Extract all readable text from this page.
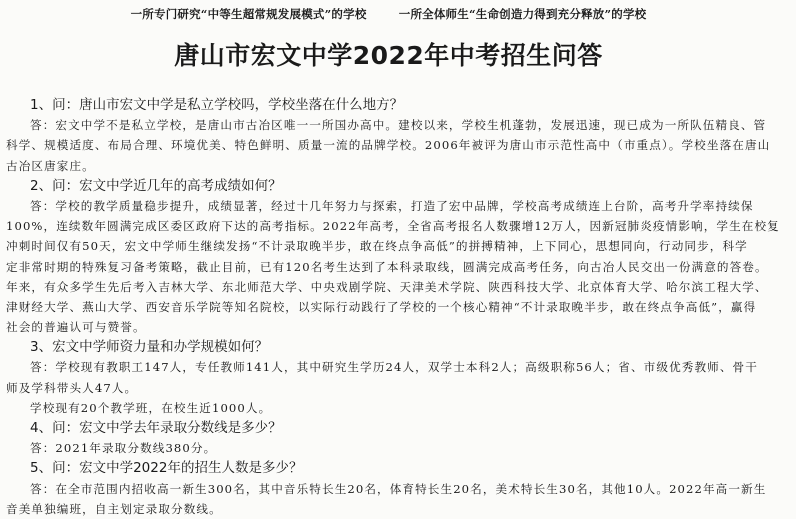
一所专门研究“中等生超常规发展模式”的学校	一所全体师生“生命创造力得到充分释放”的学校
唐山市宏文中学2022年中考招生问答
1、问：唐山市宏文中学是私立学校吗，学校坐落在什么地方？
答：宏文中学不是私立学校，是唐山市古冶区唯一一所国办高中。建校以来，学校生机蓬勃，发展迅速，现已成为一所队伍精良、管
科学、规模适度、布局合理、环境优美、特色鲜明、质量一流的品牌学校。2006年被评为唐山市示范性高中（市重点）。学校坐落在唐山
古冶区唐家庄。
2、问：宏文中学近几年的高考成绩如何？
答：学校的教学质量稳步提升，成绩显著，经过十几年努力与探索，打造了宏中品牌，学校高考成绩连上台阶，高考升学率持续保
100%，连续数年圆满完成区委区政府下达的高考指标。2022年高考，全省高考报名人数骤增12万人，因新冠肺炎疫情影响，学生在校复
冲刺时间仅有50天，宏文中学师生继续发扬“不计录取晚半步，敢在终点争高低”的拼搏精神，上下同心，思想同向，行动同步，科学
定非常时期的特殊复习备考策略，截止目前，已有120名考生达到了本科录取线，圆满完成高考任务，向古冶人民交出一份满意的答卷。
年来，有众多学生先后考入吉林大学、东北师范大学、中央戏剧学院、天津美术学院、陕西科技大学、北京体育大学、哈尔滨工程大学、
津财经大学、燕山大学、西安音乐学院等知名院校，以实际行动践行了学校的一个核心精神“不计录取晚半步，敢在终点争高低”，赢得
社会的普遍认可与赞誉。
3、宏文中学师资力量和办学规模如何？
答：学校现有教职工147人，专任教师141人，其中研究生学历24人，双学士本科2人；高级职称56人；省、市级优秀教师、骨干
师及学科带头人47人。
学校现有20个教学班，在校生近1000人。
4、问：宏文中学去年录取分数线是多少？
答：2021年录取分数线380分。
5、问：宏文中学2022年的招生人数是多少？
答：在全市范围内招收高一新生300名，其中音乐特长生20名，体育特长生20名，美术特长生30名，其他10人。2022年高一新生
音美单独编班，自主划定录取分数线。
